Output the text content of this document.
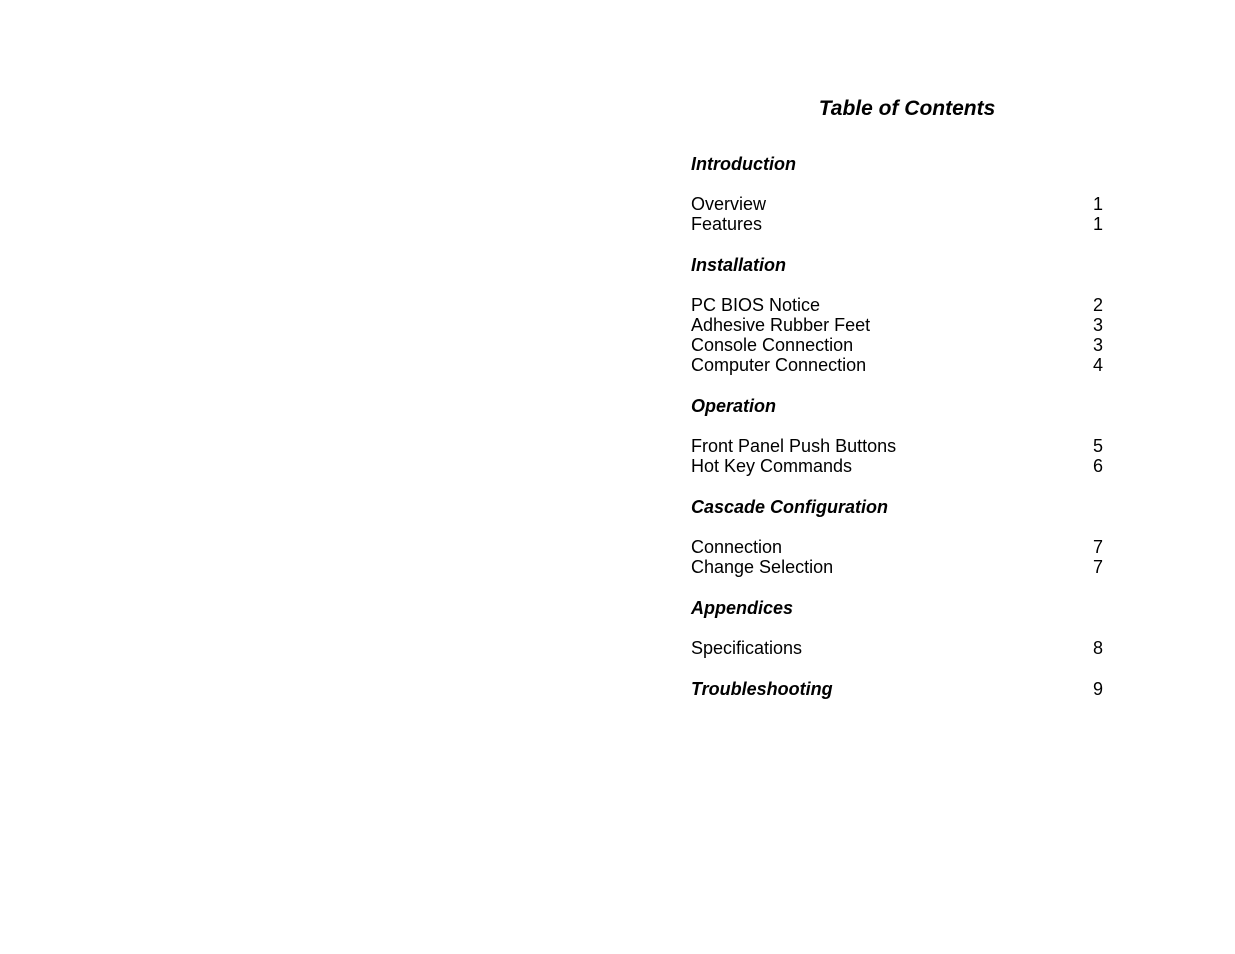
Table of Contents
Introduction
Overview	1
Features	1
Installation
PC BIOS Notice	2
Adhesive Rubber Feet	3
Console Connection	3
Computer Connection	4
Operation
Front Panel Push Buttons	5
Hot Key Commands	6
Cascade Configuration
Connection	7
Change Selection	7
Appendices
Specifications	8
Troubleshooting	9
